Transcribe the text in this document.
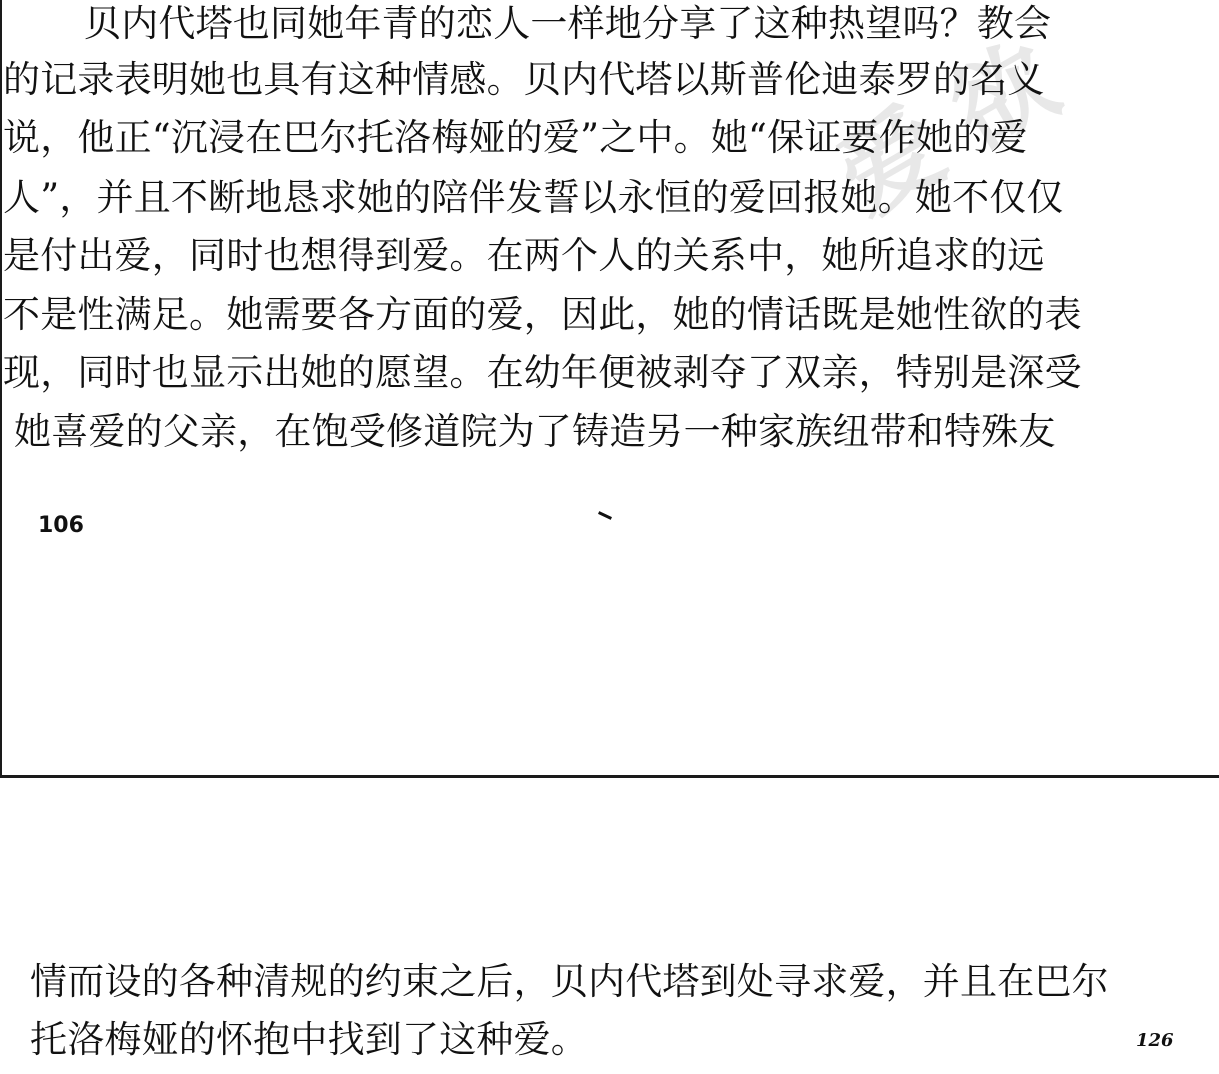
爱
欲
贝内代塔也同她年青的恋人一样地分享了这种热望吗？教会
的记录表明她也具有这种情感。贝内代塔以斯普伦迪泰罗的名义
说，他正“沉浸在巴尔托洛梅娅的爱”之中。她“保证要作她的爱
人”，并且不断地恳求她的陪伴发誓以永恒的爱回报她。她不仅仅
是付出爱，同时也想得到爱。在两个人的关系中，她所追求的远
不是性满足。她需要各方面的爱，因此，她的情话既是她性欲的表
现，同时也显示出她的愿望。在幼年便被剥夺了双亲，特别是深受
她喜爱的父亲，在饱受修道院为了铸造另一种家族纽带和特殊友
106
情而设的各种清规的约束之后，贝内代塔到处寻求爱，并且在巴尔
托洛梅娅的怀抱中找到了这种爱。	126
